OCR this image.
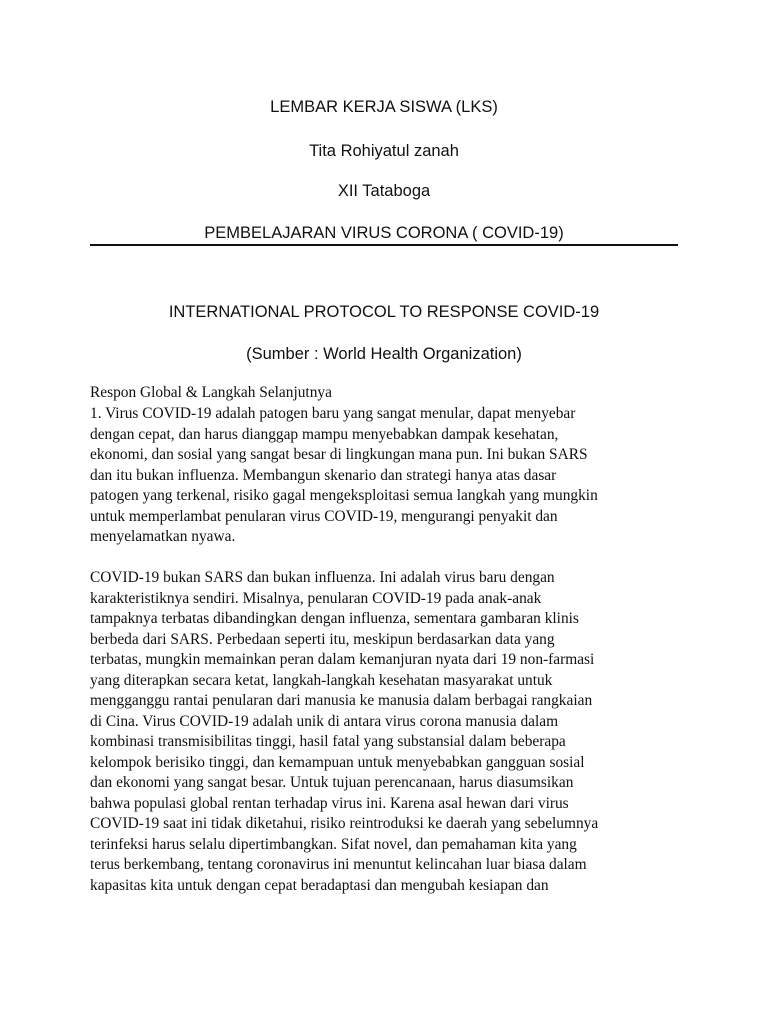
LEMBAR KERJA SISWA (LKS)
Tita Rohiyatul zanah
XII Tataboga
PEMBELAJARAN VIRUS CORONA ( COVID-19)
INTERNATIONAL PROTOCOL TO RESPONSE COVID-19
(Sumber : World Health Organization)
Respon Global & Langkah Selanjutnya

1. Virus COVID-19 adalah patogen baru yang sangat menular, dapat menyebar
dengan cepat, dan harus dianggap mampu menyebabkan dampak kesehatan,
ekonomi, dan sosial yang sangat besar di lingkungan mana pun. Ini bukan SARS
dan itu bukan influenza. Membangun skenario dan strategi hanya atas dasar
patogen yang terkenal, risiko gagal mengeksploitasi semua langkah yang mungkin
untuk memperlambat penularan virus COVID-19, mengurangi penyakit dan
menyelamatkan nyawa.

COVID-19 bukan SARS dan bukan influenza. Ini adalah virus baru dengan
karakteristiknya sendiri. Misalnya, penularan COVID-19 pada anak-anak
tampaknya terbatas dibandingkan dengan influenza, sementara gambaran klinis
berbeda dari SARS. Perbedaan seperti itu, meskipun berdasarkan data yang
terbatas, mungkin memainkan peran dalam kemanjuran nyata dari 19 non-farmasi
yang diterapkan secara ketat, langkah-langkah kesehatan masyarakat untuk
mengganggu rantai penularan dari manusia ke manusia dalam berbagai rangkaian
di Cina. Virus COVID-19 adalah unik di antara virus corona manusia dalam
kombinasi transmisibilitas tinggi, hasil fatal yang substansial dalam beberapa
kelompok berisiko tinggi, dan kemampuan untuk menyebabkan gangguan sosial
dan ekonomi yang sangat besar. Untuk tujuan perencanaan, harus diasumsikan
bahwa populasi global rentan terhadap virus ini. Karena asal hewan dari virus
COVID-19 saat ini tidak diketahui, risiko reintroduksi ke daerah yang sebelumnya
terinfeksi harus selalu dipertimbangkan. Sifat novel, dan pemahaman kita yang
terus berkembang, tentang coronavirus ini menuntut kelincahan luar biasa dalam
kapasitas kita untuk dengan cepat beradaptasi dan mengubah kesiapan dan
